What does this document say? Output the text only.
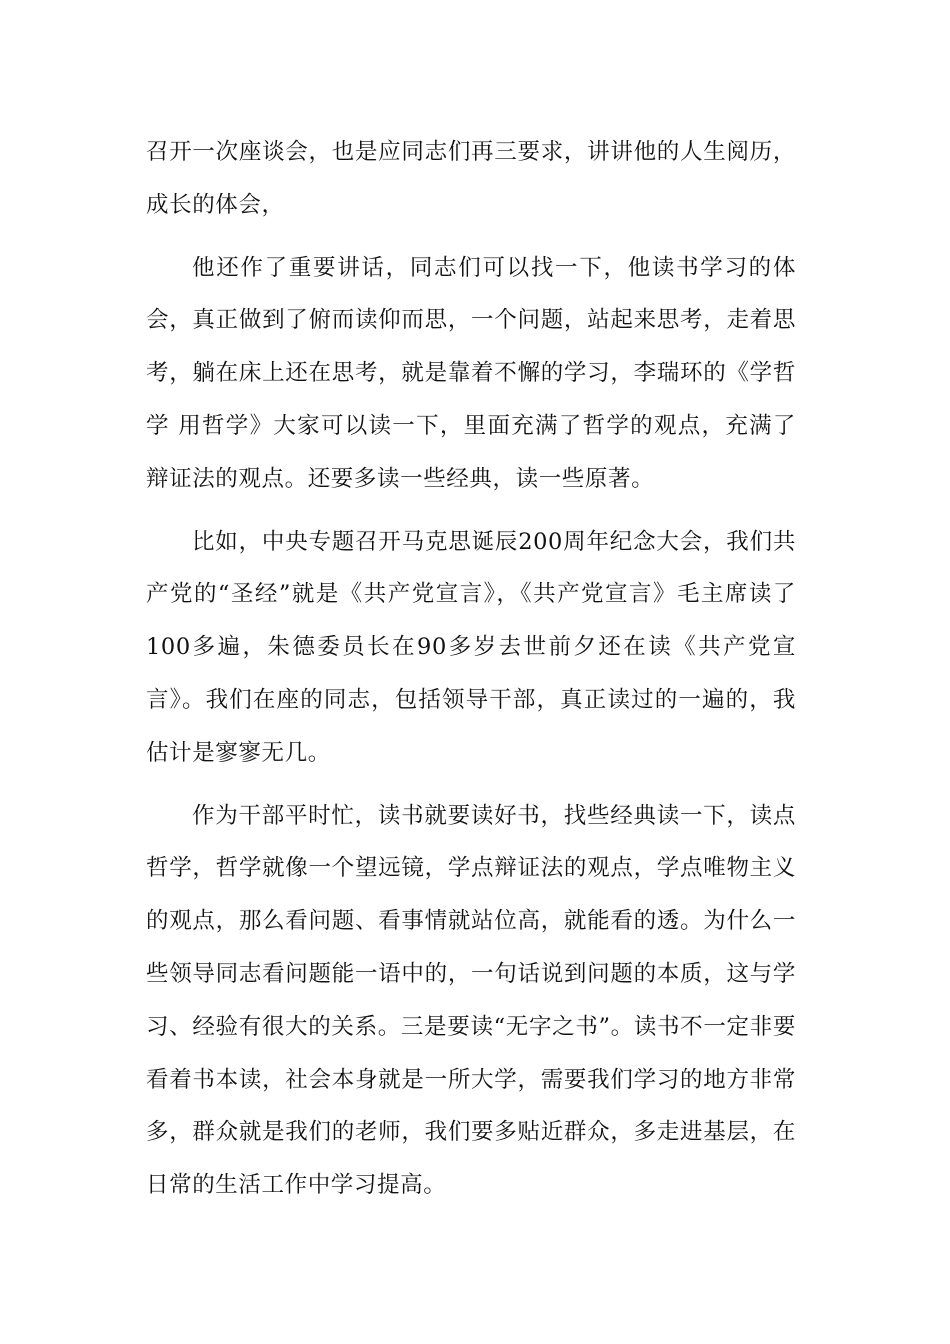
召开一次座谈会，也是应同志们再三要求，讲讲他的人生阅历，成长的体会，

他还作了重要讲话，同志们可以找一下，他读书学习的体会，真正做到了俯而读仰而思，一个问题，站起来思考，走着思考，躺在床上还在思考，就是靠着不懈的学习，李瑞环的《学哲学 用哲学》大家可以读一下，里面充满了哲学的观点，充满了辩证法的观点。还要多读一些经典，读一些原著。

比如，中央专题召开马克思诞辰200周年纪念大会，我们共产党的“圣经”就是《共产党宣言》，《共产党宣言》毛主席读了100多遍，朱德委员长在90多岁去世前夕还在读《共产党宣言》。我们在座的同志，包括领导干部，真正读过的一遍的，我估计是寥寥无几。

作为干部平时忙，读书就要读好书，找些经典读一下，读点哲学，哲学就像一个望远镜，学点辩证法的观点，学点唯物主义的观点，那么看问题、看事情就站位高，就能看的透。为什么一些领导同志看问题能一语中的，一句话说到问题的本质，这与学习、经验有很大的关系。三是要读“无字之书”。读书不一定非要看着书本读，社会本身就是一所大学，需要我们学习的地方非常多，群众就是我们的老师，我们要多贴近群众，多走进基层，在日常的生活工作中学习提高。
